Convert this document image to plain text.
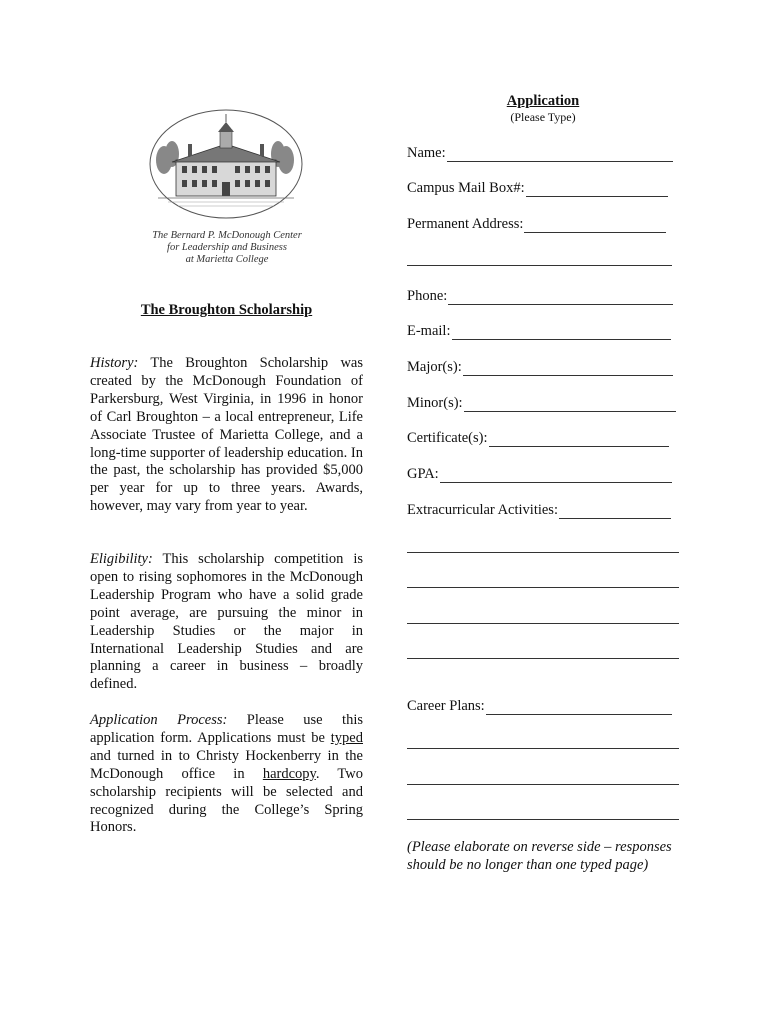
The Bernard P. McDonough Center
for Leadership and Business
at Marietta College
The Broughton Scholarship

History: The Broughton Scholarship was created by the McDonough Foundation of Parkersburg, West Virginia, in 1996 in honor of Carl Broughton – a local entrepreneur, Life Associate Trustee of Marietta College, and a long-time supporter of leadership education. In the past, the scholarship has provided $5,000 per year for up to three years. Awards, however, may vary from year to year.

Eligibility: This scholarship competition is open to rising sophomores in the McDonough Leadership Program who have a solid grade point average, are pursuing the minor in Leadership Studies or the major in International Leadership Studies and are planning a career in business – broadly defined.

Application Process: Please use this application form. Applications must be typed and turned in to Christy Hockenberry in the McDonough office in hardcopy. Two scholarship recipients will be selected and recognized during the College’s Spring Honors.

Application
(Please Type)
Name:
Campus Mail Box#:
Permanent Address:
Phone:
E-mail:
Major(s):
Minor(s):
Certificate(s):
GPA:
Extracurricular Activities:
Career Plans:
(Please elaborate on reverse side – responses should be no longer than one typed page)
